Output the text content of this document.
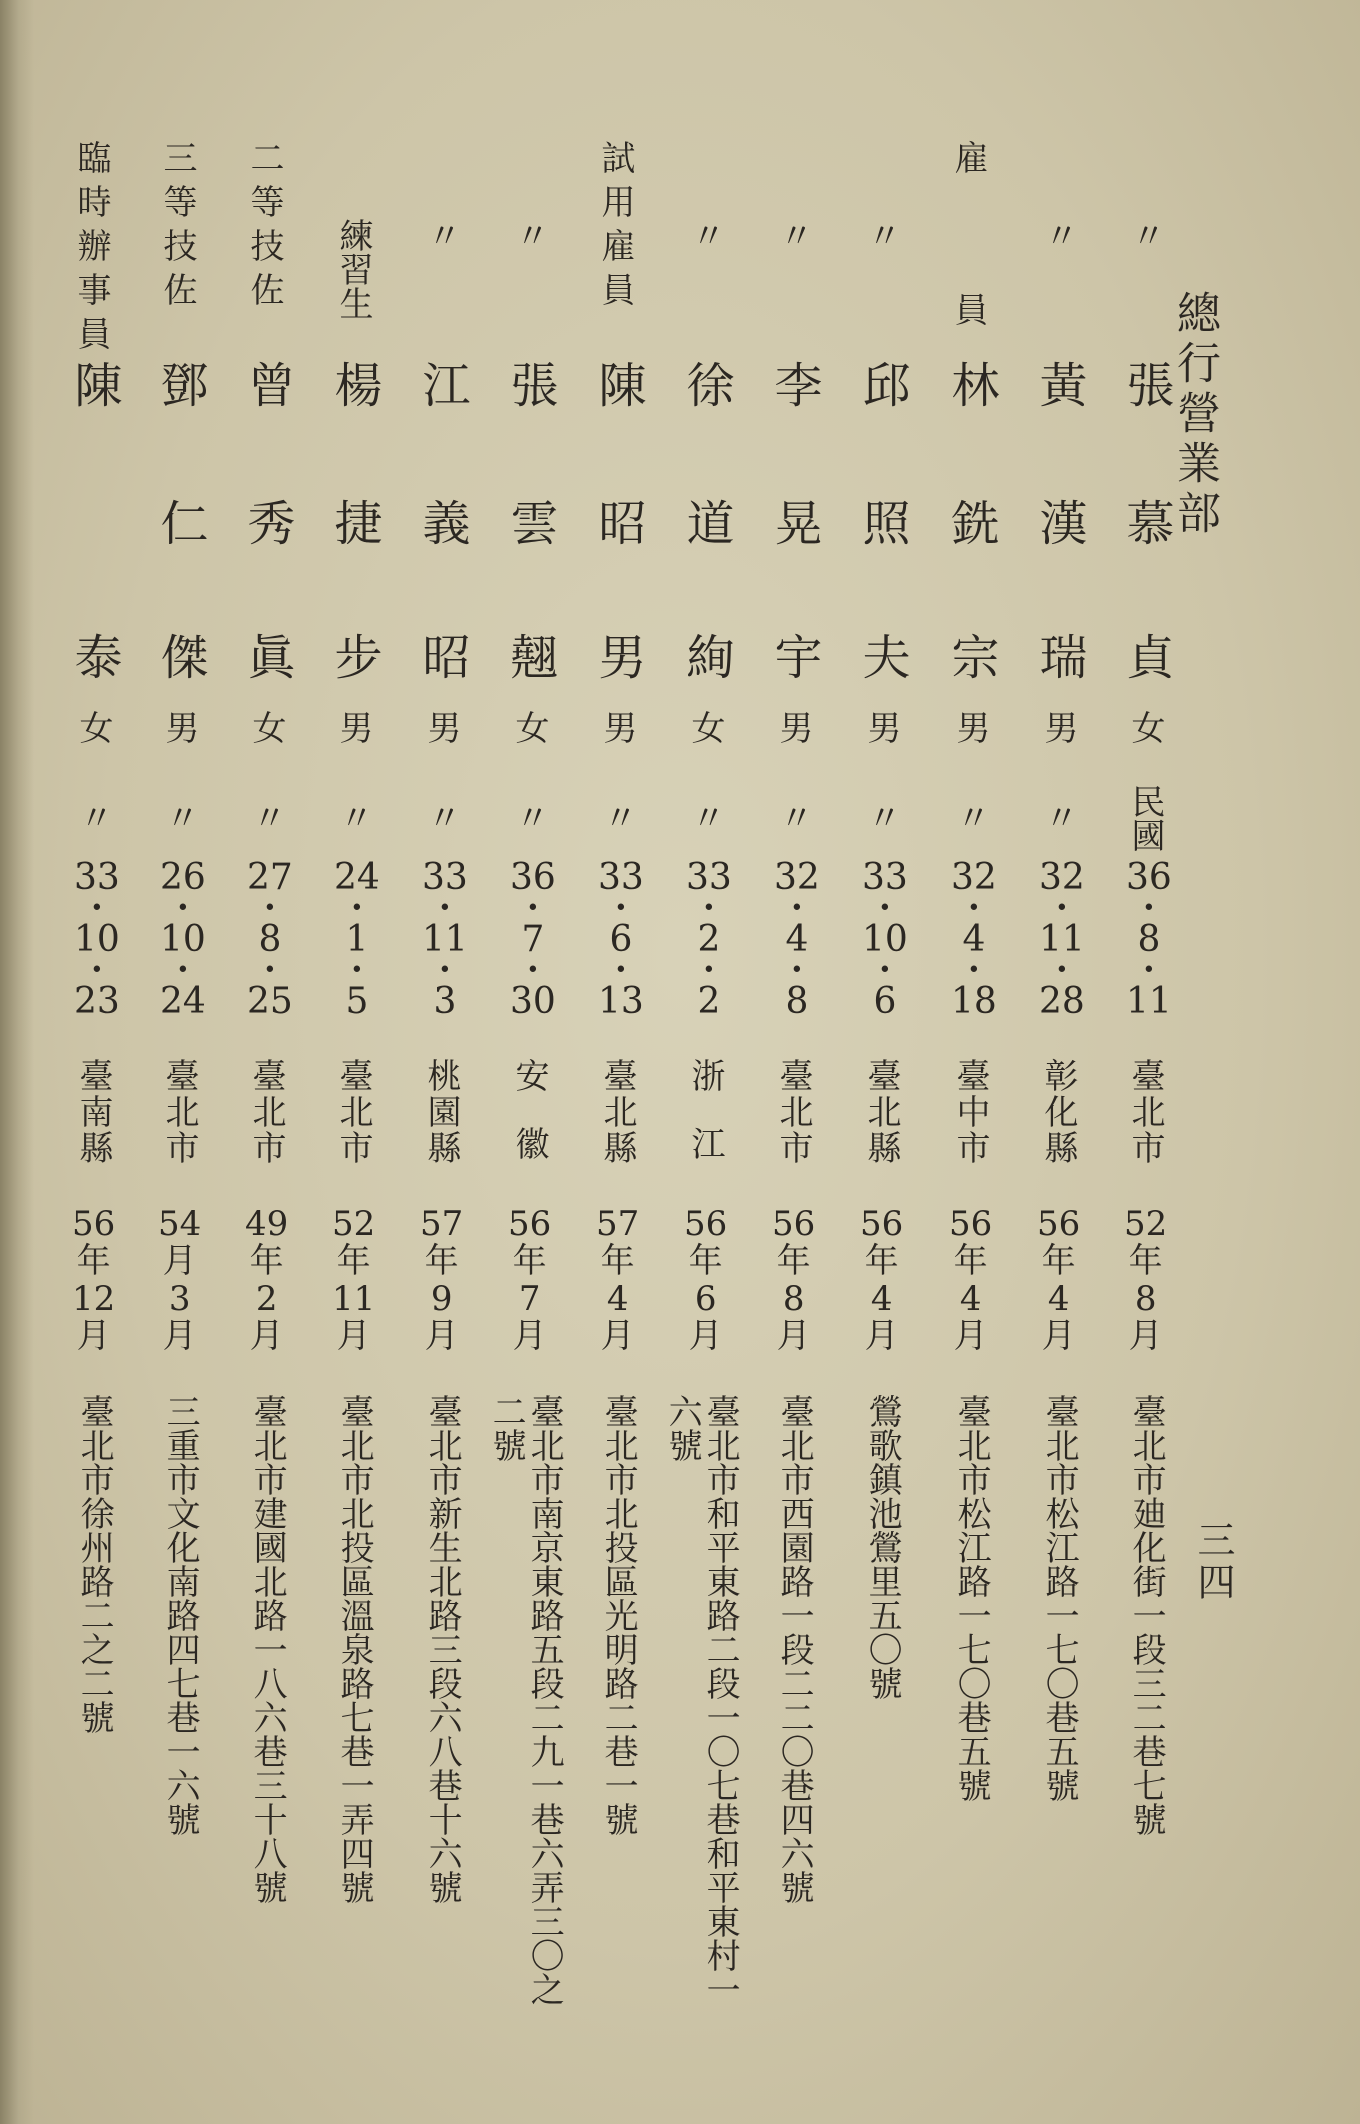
總行營業部
三四
〃
張
慕
貞
女
民國
36
•
8
•
11
臺北市
52
年
8
月
臺北市廸化街一段三二巷七號
〃
黃
漢
瑞
男
〃
32
•
11
•
28
彰化縣
56
年
4
月
臺北市松江路一七〇巷五號
雇
員
林
銑
宗
男
〃
32
•
4
•
18
臺中市
56
年
4
月
臺北市松江路一七〇巷五號
〃
邱
照
夫
男
〃
33
•
10
•
6
臺北縣
56
年
4
月
鶯歌鎮池鶯里五〇號
〃
李
晃
宇
男
〃
32
•
4
•
8
臺北市
56
年
8
月
臺北市西園路一段二二〇巷四六號
〃
徐
道
絢
女
〃
33
•
2
•
2
浙江
56
年
6
月
臺北市和平東路二段一〇七巷和平東村一
六號
試用雇員
陳
昭
男
男
〃
33
•
6
•
13
臺北縣
57
年
4
月
臺北市北投區光明路二巷一號
〃
張
雲
翹
女
〃
36
•
7
•
30
安徽
56
年
7
月
臺北市南京東路五段二九一巷六弄三〇之
二號
〃
江
義
昭
男
〃
33
•
11
•
3
桃園縣
57
年
9
月
臺北市新生北路三段六八巷十六號
練習生
楊
捷
步
男
〃
24
•
1
•
5
臺北市
52
年
11
月
臺北市北投區溫泉路七巷一弄四號
二等技佐
曾
秀
眞
女
〃
27
•
8
•
25
臺北市
49
年
2
月
臺北市建國北路一八六巷三十八號
三等技佐
鄧
仁
傑
男
〃
26
•
10
•
24
臺北市
54
月
3
月
三重市文化南路四七巷一六號
臨時辦事員
陳
泰
女
〃
33
•
10
•
23
臺南縣
56
年
12
月
臺北市徐州路二之二號
